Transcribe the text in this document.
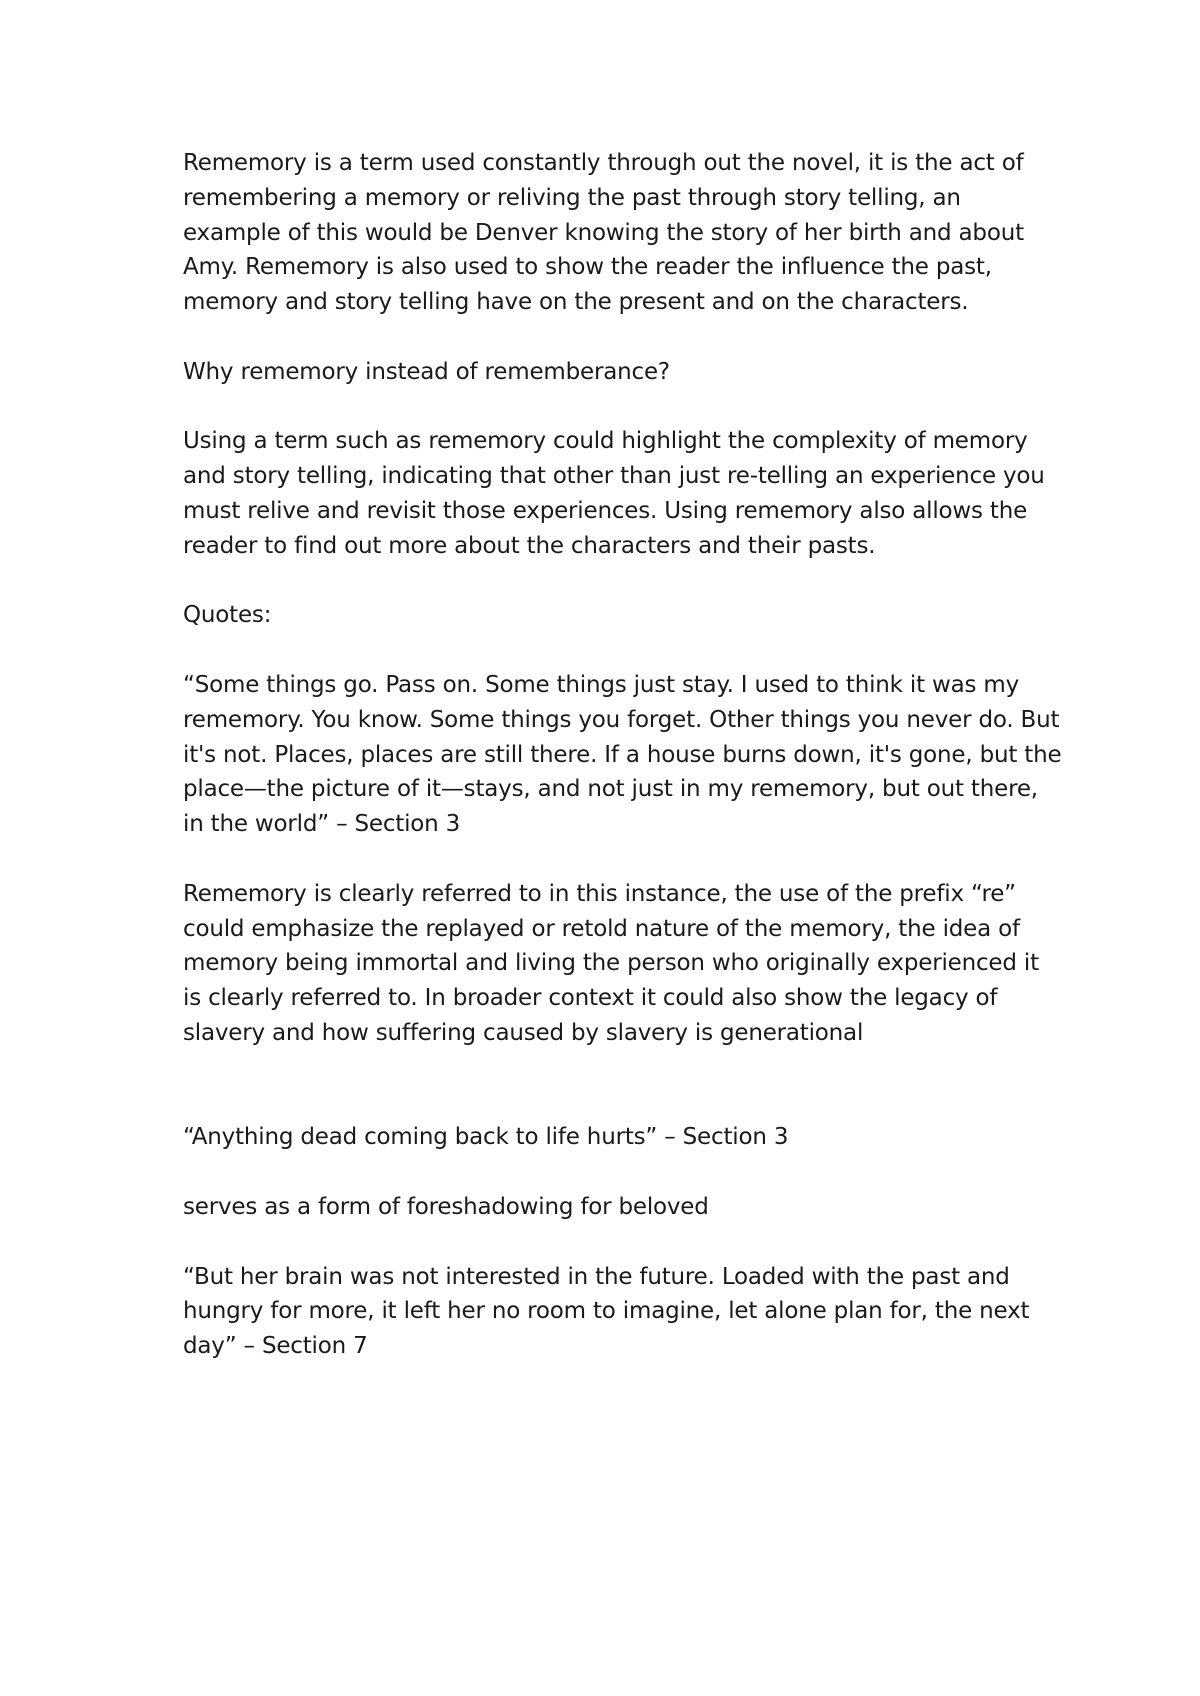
Rememory is a term used constantly through out the novel, it is the act of remembering a memory or reliving the past through story telling, an example of this would be Denver knowing the story of her birth and about Amy. Rememory is also used to show the reader the influence the past, memory and story telling have on the present and on the characters.

Why rememory instead of rememberance?

Using a term such as rememory could highlight the complexity of memory and story telling, indicating that other than just re-telling an experience you must relive and revisit those experiences. Using rememory also allows the reader to find out more about the characters and their pasts.

Quotes:

“Some things go. Pass on. Some things just stay. I used to think it was my rememory. You know. Some things you forget. Other things you never do. But it's not. Places, places are still there. If a house burns down, it's gone, but the place—the picture of it—stays, and not just in my rememory, but out there, in the world” – Section 3

Rememory is clearly referred to in this instance, the use of the prefix “re” could emphasize the replayed or retold nature of the memory, the idea of memory being immortal and living the person who originally experienced it is clearly referred to. In broader context it could also show the legacy of slavery and how suffering caused by slavery is generational

“Anything dead coming back to life hurts” – Section 3

serves as a form of foreshadowing for beloved

“But her brain was not interested in the future. Loaded with the past and hungry for more, it left her no room to imagine, let alone plan for, the next day” – Section 7
